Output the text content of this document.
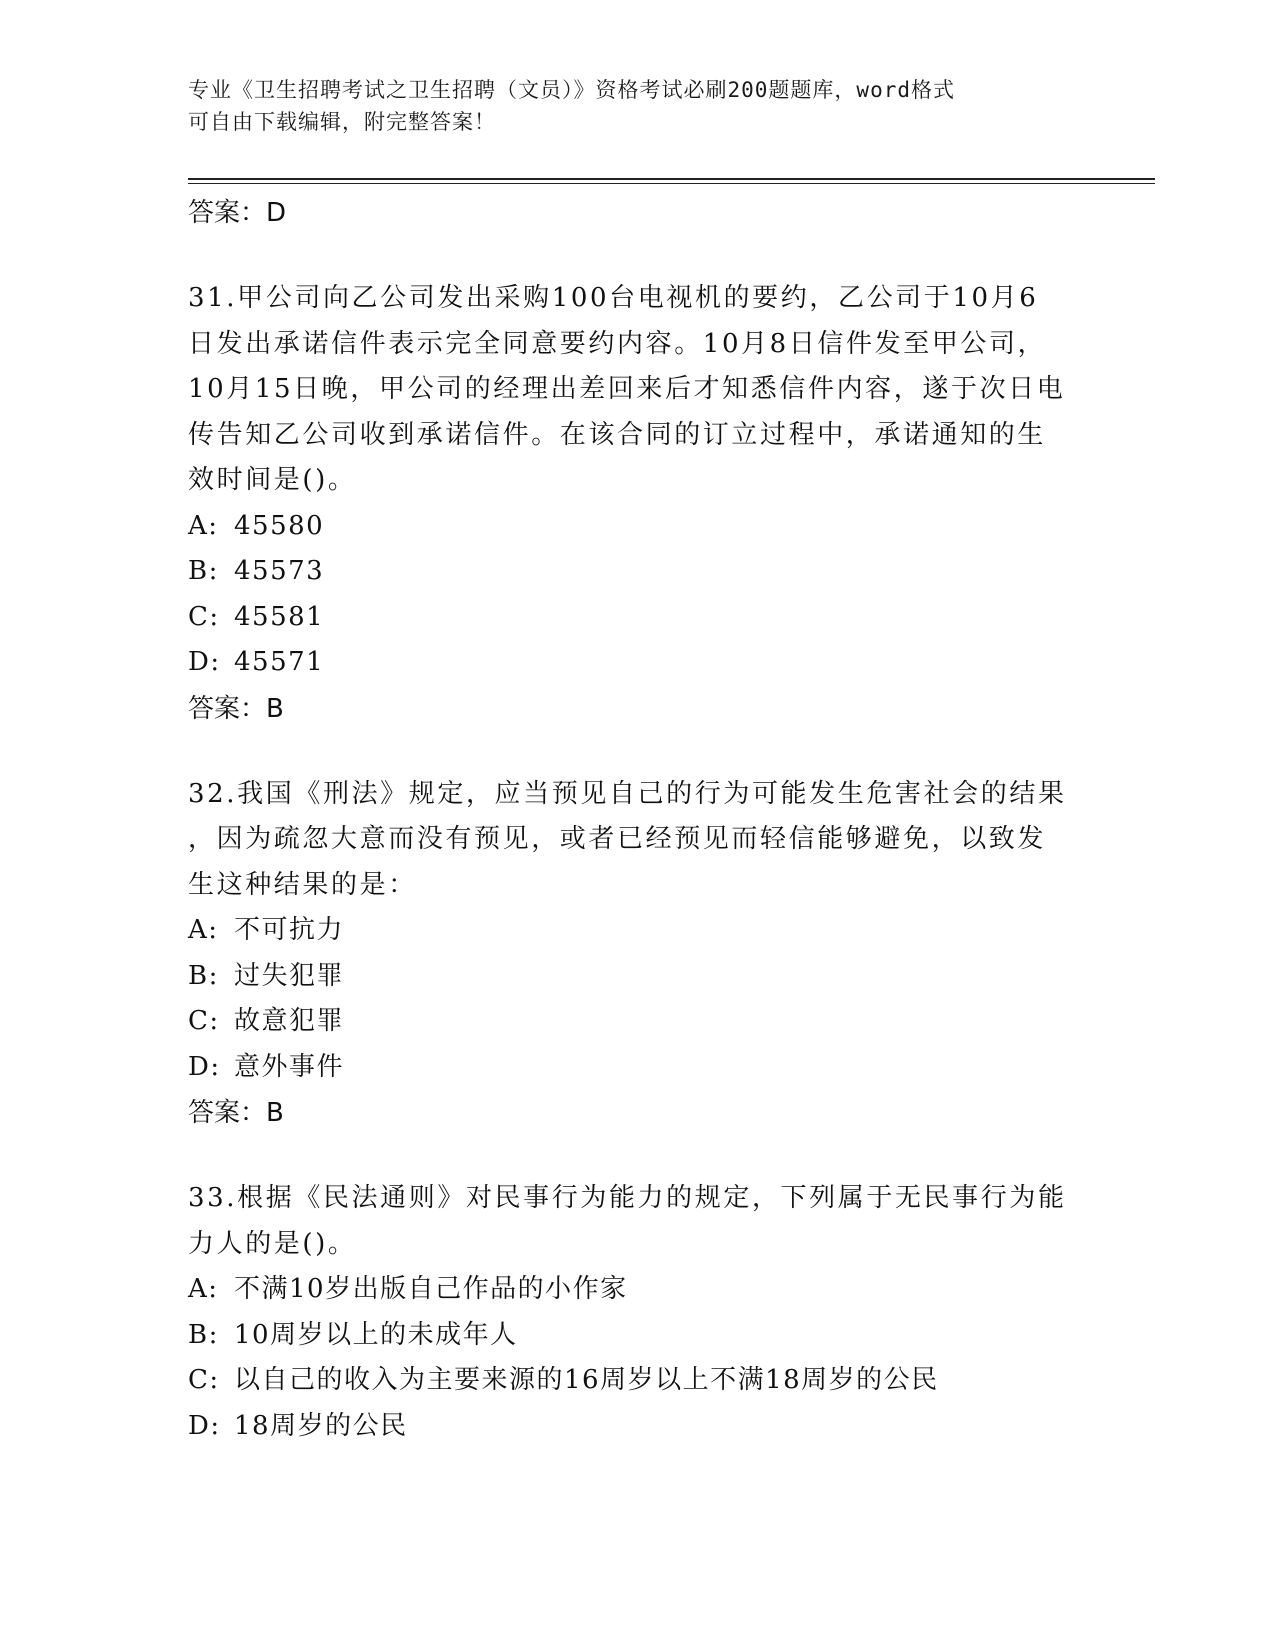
专业《卫生招聘考试之卫生招聘（文员）》资格考试必刷200题题库，word格式
可自由下载编辑，附完整答案！
答案：D
31.甲公司向乙公司发出采购100台电视机的要约，乙公司于10月6
日发出承诺信件表示完全同意要约内容。10月8日信件发至甲公司，
10月15日晚，甲公司的经理出差回来后才知悉信件内容，遂于次日电
传告知乙公司收到承诺信件。在该合同的订立过程中，承诺通知的生
效时间是()。
A: 45580
B: 45573
C: 45581
D: 45571
答案：B
32.我国《刑法》规定，应当预见自己的行为可能发生危害社会的结果
，因为疏忽大意而没有预见，或者已经预见而轻信能够避免，以致发
生这种结果的是：
A: 不可抗力
B: 过失犯罪
C: 故意犯罪
D: 意外事件
答案：B
33.根据《民法通则》对民事行为能力的规定，下列属于无民事行为能
力人的是()。
A: 不满10岁出版自己作品的小作家
B: 10周岁以上的未成年人
C: 以自己的收入为主要来源的16周岁以上不满18周岁的公民
D: 18周岁的公民
